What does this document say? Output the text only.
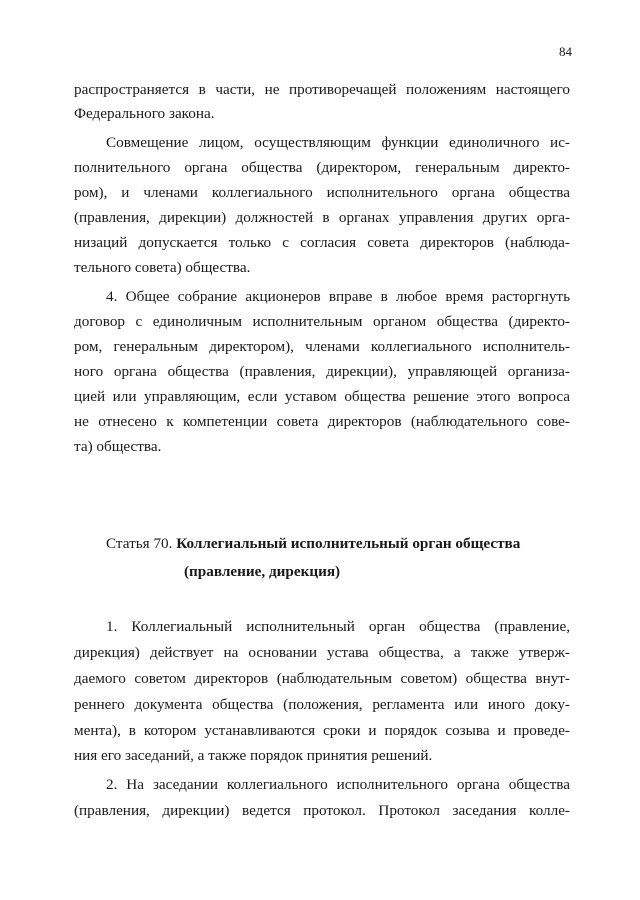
84
распространяется в части, не противоречащей положениям настоящего
Федерального закона.
Совмещение лицом, осуществляющим функции единоличного ис-
полнительного органа общества (директором, генеральным директо-
ром), и членами коллегиального исполнительного органа общества
(правления, дирекции) должностей в органах управления других орга-
низаций допускается только с согласия совета директоров (наблюда-
тельного совета) общества.
4. Общее собрание акционеров вправе в любое время расторгнуть
договор с единоличным исполнительным органом общества (директо-
ром, генеральным директором), членами коллегиального исполнитель-
ного органа общества (правления, дирекции), управляющей организа-
цией или управляющим, если уставом общества решение этого вопроса
не отнесено к компетенции совета директоров (наблюдательного сове-
та) общества.
Статья 70. Коллегиальный исполнительный орган общества
(правление, дирекция)
1. Коллегиальный исполнительный орган общества (правление,
дирекция) действует на основании устава общества, а также утверж-
даемого советом директоров (наблюдательным советом) общества внут-
реннего документа общества (положения, регламента или иного доку-
мента), в котором устанавливаются сроки и порядок созыва и проведе-
ния его заседаний, а также порядок принятия решений.
2. На заседании коллегиального исполнительного органа общества
(правления, дирекции) ведется протокол. Протокол заседания колле-
